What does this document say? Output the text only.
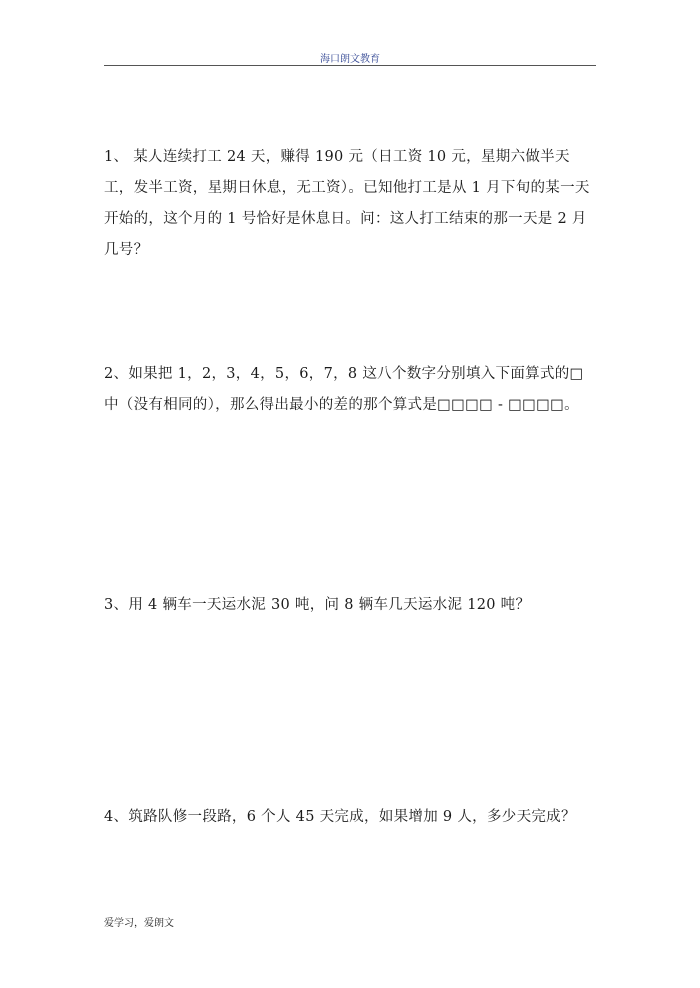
海口朗文教育
1、 某人连续打工 24 天，赚得 190 元（日工资 10 元，星期六做半天工，发半工资，星期日休息，无工资）。已知他打工是从 1 月下旬的某一天开始的，这个月的 1 号恰好是休息日。问：这人打工结束的那一天是 2 月几号？
2、如果把 1，2，3，4，5，6，7，8 这八个数字分别填入下面算式的□中（没有相同的），那么得出最小的差的那个算式是□□□□ - □□□□。
3、用 4 辆车一天运水泥 30 吨，问 8 辆车几天运水泥 120 吨？
4、筑路队修一段路，6 个人 45 天完成，如果增加 9 人，多少天完成？
爱学习，爱朗文
